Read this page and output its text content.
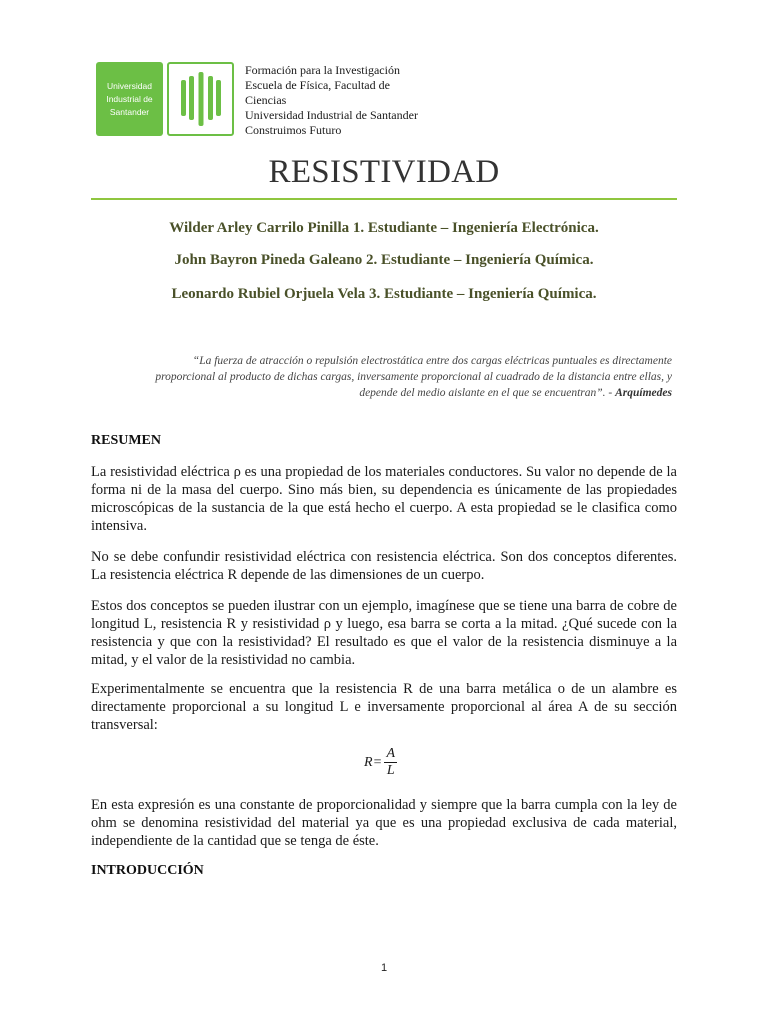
Universidad
Industrial de
Santander
Formación para la Investigación
Escuela de Física, Facultad de
Ciencias
Universidad Industrial de Santander
Construimos Futuro
RESISTIVIDAD
Wilder Arley Carrilo Pinilla 1. Estudiante – Ingeniería Electrónica.
John Bayron Pineda Galeano 2. Estudiante – Ingeniería Química.
Leonardo Rubiel Orjuela Vela 3. Estudiante – Ingeniería Química.
“La fuerza de atracción o repulsión electrostática entre dos cargas eléctricas puntuales es directamente
proporcional al producto de dichas cargas, inversamente proporcional al cuadrado de la distancia entre ellas, y
depende del medio aislante en el que se encuentran”. - Arquímedes
RESUMEN
La resistividad eléctrica ρ es una propiedad de los materiales conductores. Su valor no depende de la forma ni de la masa del cuerpo. Sino más bien, su dependencia es únicamente de las propiedades microscópicas de la sustancia de la que está hecho el cuerpo. A esta propiedad se le clasifica como intensiva.
No se debe confundir resistividad eléctrica con resistencia eléctrica. Son dos conceptos diferentes. La resistencia eléctrica R depende de las dimensiones de un cuerpo.
Estos dos conceptos se pueden ilustrar con un ejemplo, imagínese que se tiene una barra de cobre de longitud L, resistencia R y resistividad ρ y luego, esa barra se corta a la mitad. ¿Qué sucede con la resistencia y que con la resistividad? El resultado es que el valor de la resistencia disminuye a la mitad, y el valor de la resistividad no cambia.
Experimentalmente se encuentra que la resistencia R de una barra metálica o de un alambre es directamente proporcional a su longitud L e inversamente proporcional al área A de su sección transversal:
$R = \frac{A}{L}$
En esta expresión es una constante de proporcionalidad y siempre que la barra cumpla con la ley de ohm se denomina resistividad del material ya que es una propiedad exclusiva de cada material, independiente de la cantidad que se tenga de éste.
INTRODUCCIÓN
1
